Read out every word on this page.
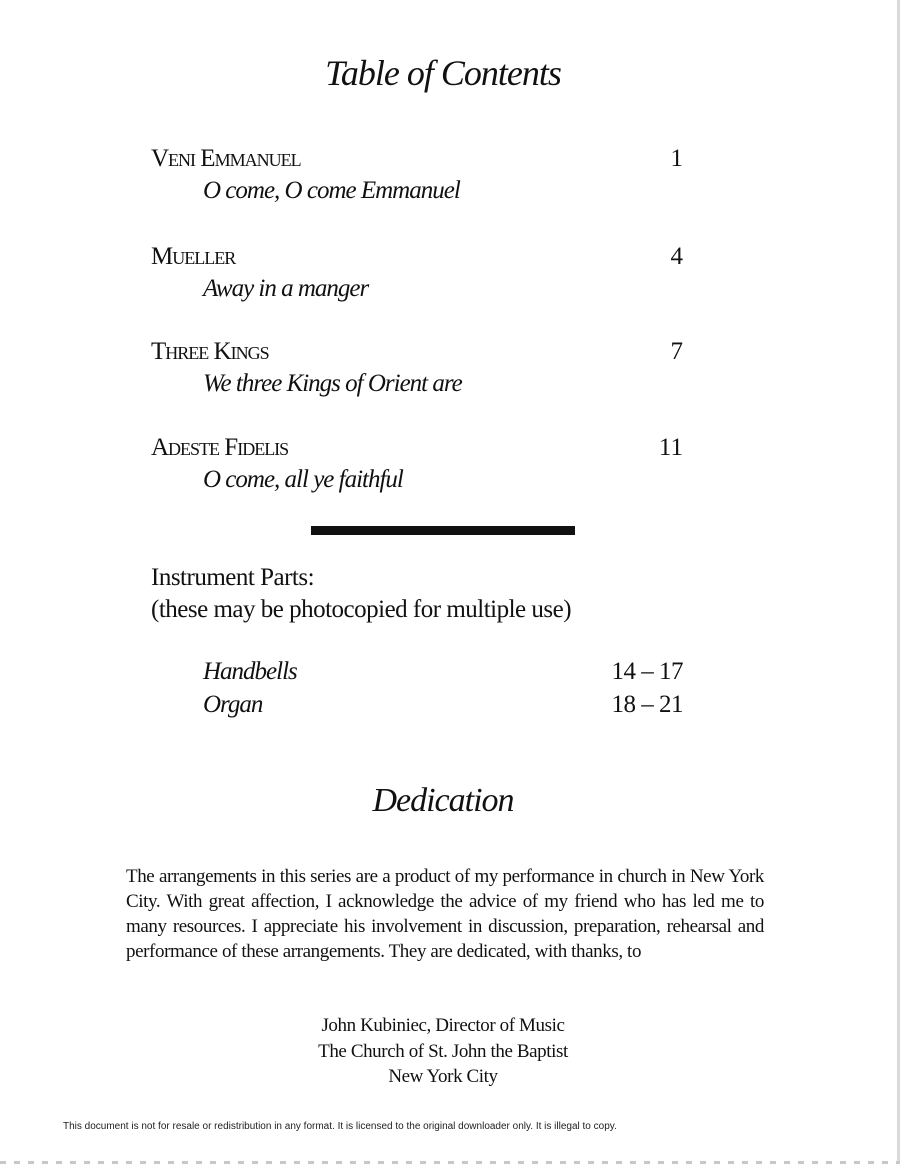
Table of Contents
Veni Emmanuel	1
O come, O come Emmanuel
Mueller	4
Away in a manger
Three Kings	7
We three Kings of Orient are
Adeste Fidelis	11
O come, all ye faithful
Instrument Parts:
(these may be photocopied for multiple use)
Handbells	14 – 17
Organ	18 – 21
Dedication

The arrangements in this series are a product of my performance in church in New York City. With great affection, I acknowledge the advice of my friend who has led me to many resources. I appreciate his involvement in discussion, preparation, rehearsal and performance of these arrangements. They are dedicated, with thanks, to

John Kubiniec, Director of Music
The Church of St. John the Baptist
New York City
This document is not for resale or redistribution in any format. It is licensed to the original downloader only. It is illegal to copy.
